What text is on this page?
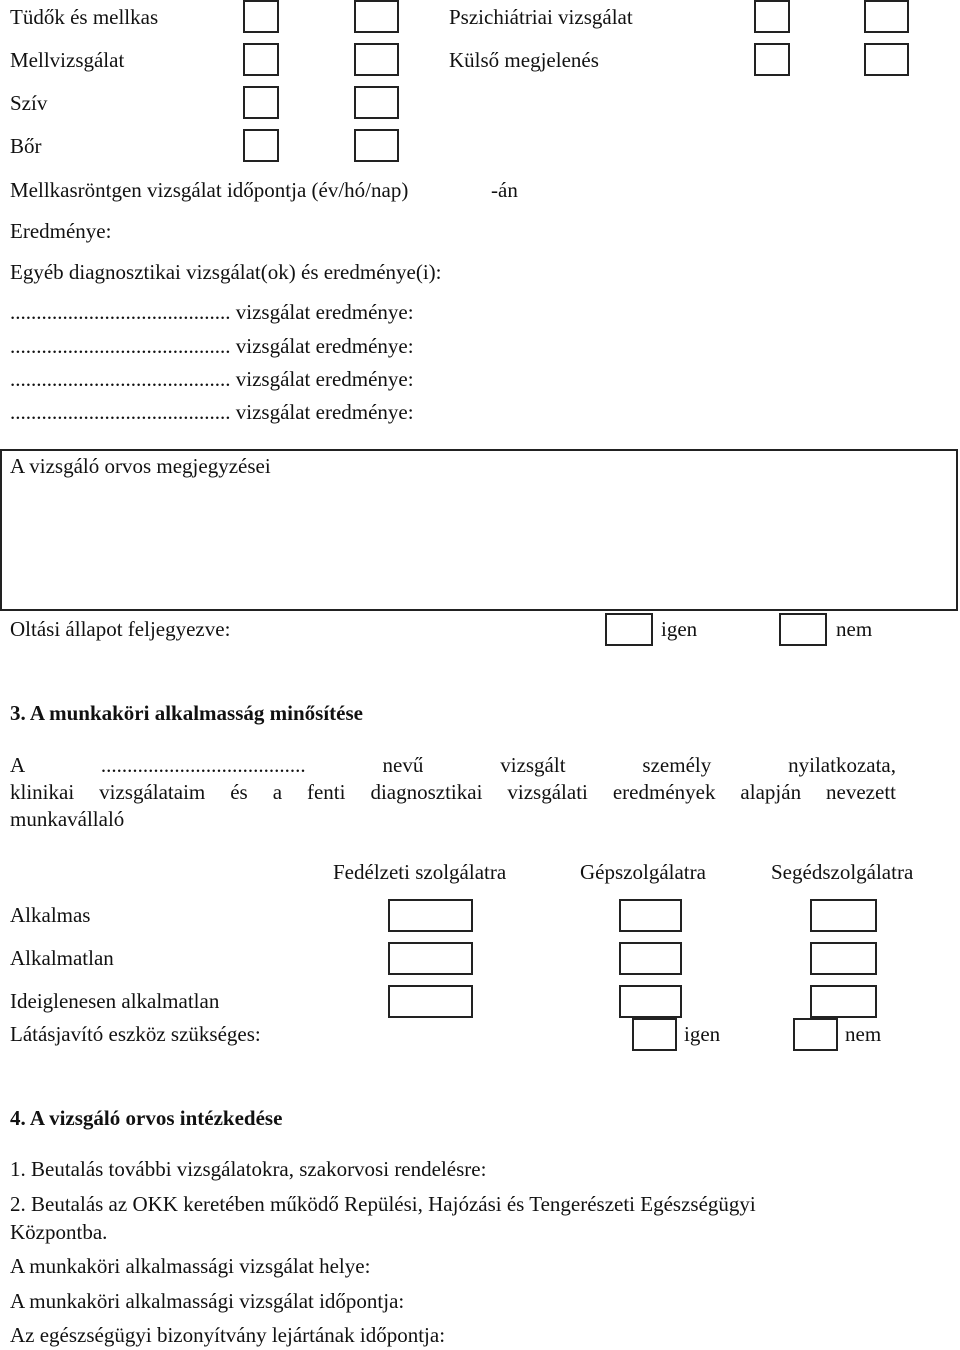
Tüdők és mellkas
Mellvizsgálat
Szív
Bőr
Pszichiátriai vizsgálat
Külső megjelenés
Mellkasröntgen vizsgálat időpontja (év/hó/nap)	-án
Eredménye:
Egyéb diagnosztikai vizsgálat(ok) és eredménye(i):
.......................................... vizsgálat eredménye:
.......................................... vizsgálat eredménye:
.......................................... vizsgálat eredménye:
.......................................... vizsgálat eredménye:
A vizsgáló orvos megjegyzései
Oltási állapot feljegyezve:	igen	nem
3. A munkaköri alkalmasság minősítése
A ....................................... nevű vizsgált személy nyilatkozata,
klinikai vizsgálataim és a fenti diagnosztikai vizsgálati eredmények alapján nevezett
munkavállaló
Fedélzeti szolgálatra	Gépszolgálatra	Segédszolgálatra
Alkalmas
Alkalmatlan
Ideiglenesen alkalmatlan
Látásjavító eszköz szükséges:	igen	nem
4. A vizsgáló orvos intézkedése
1. Beutalás további vizsgálatokra, szakorvosi rendelésre:
2. Beutalás az OKK keretében működő Repülési, Hajózási és Tengerészeti Egészségügyi
Központba.
A munkaköri alkalmassági vizsgálat helye:
A munkaköri alkalmassági vizsgálat időpontja:
Az egészségügyi bizonyítvány lejártának időpontja:
